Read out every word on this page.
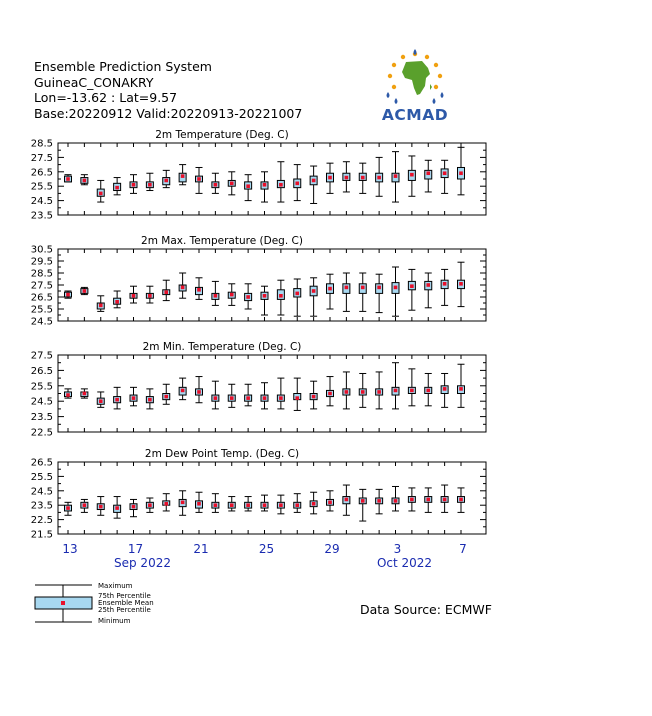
Ensemble Prediction System
GuineaC_CONAKRY
Lon=-13.62 : Lat=9.57
Base:20220912 Valid:20220913-20221007	ACMAD
2m Temperature (Deg. C)
23.5
24.5
25.5
26.5
27.5
28.5
2m Max. Temperature (Deg. C)
24.5
25.5
26.5
27.5
28.5
29.5
30.5
2m Min. Temperature (Deg. C)
22.5
23.5
24.5
25.5
26.5
27.5
2m Dew Point Temp. (Deg. C)
21.5
22.5
23.5
24.5
25.5
26.5
13	17	21	25	29	3	7
Sep 2022	Oct 2022
Maximum
75th Percentile
Ensemble Mean
25th Percentile
Minimum
Data Source: ECMWF
